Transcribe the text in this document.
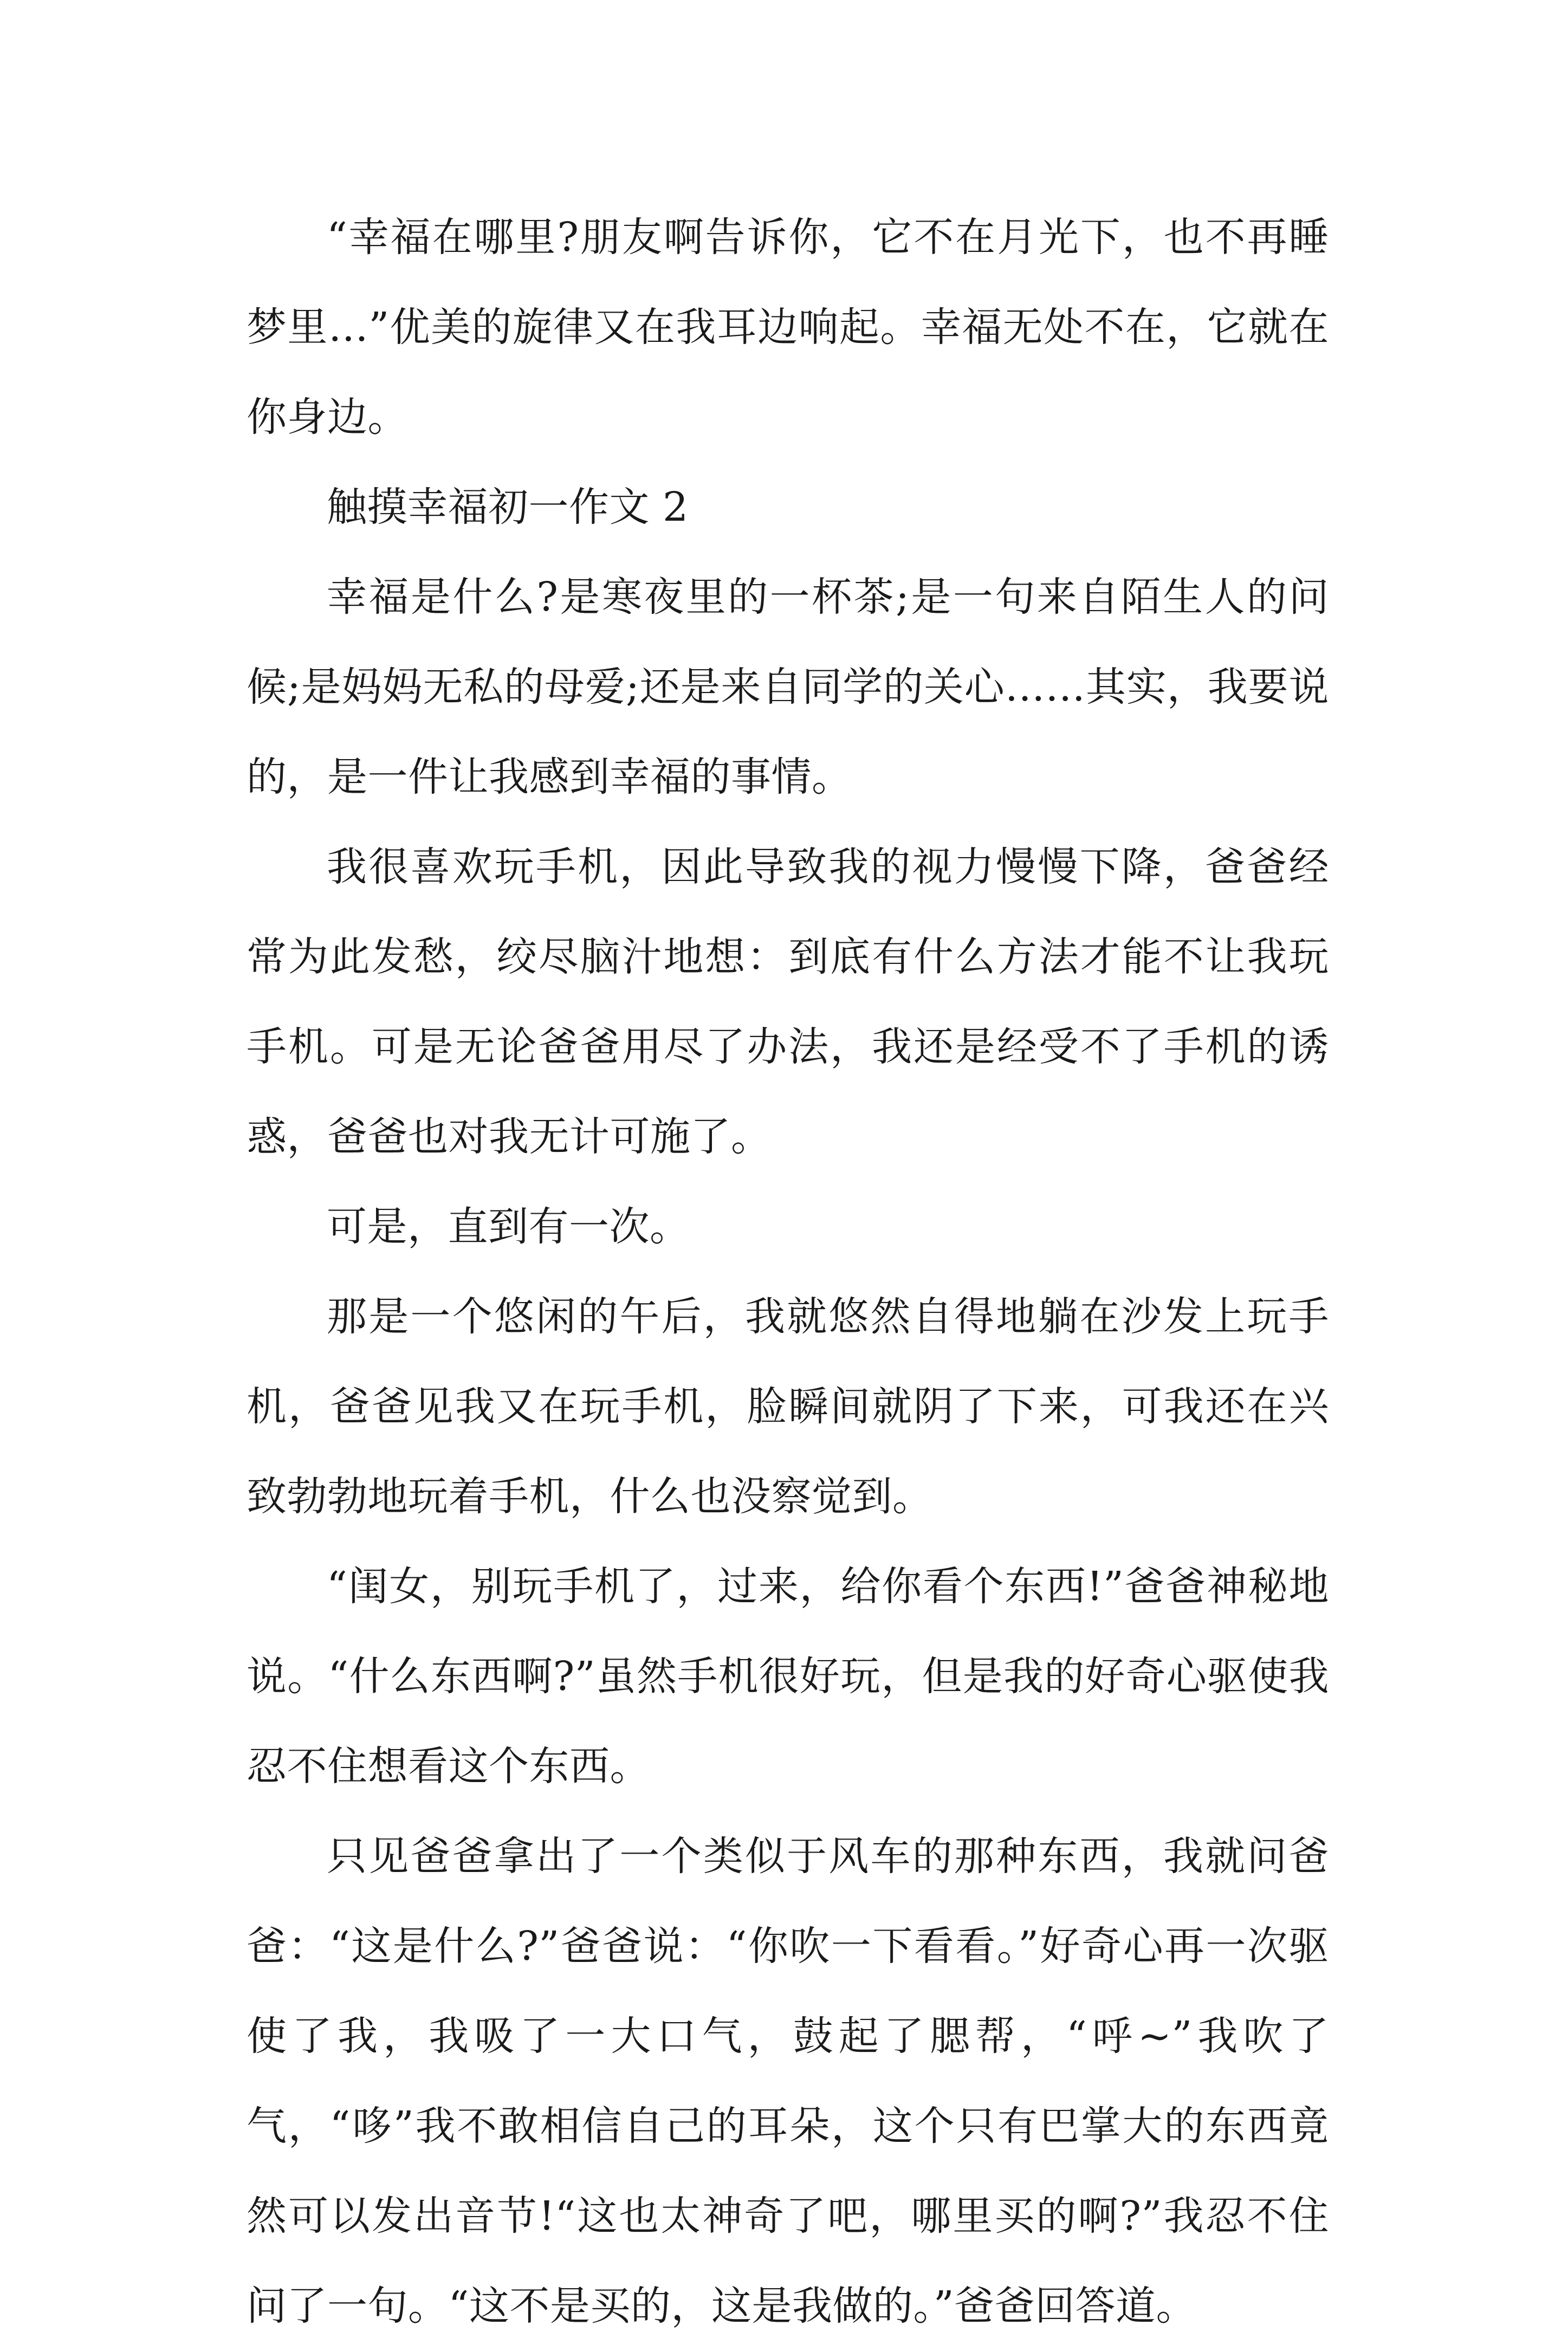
“幸福在哪里?朋友啊告诉你，它不在月光下，也不再睡梦里…”优美的旋律又在我耳边响起。幸福无处不在，它就在你身边。

触摸幸福初一作文 2

幸福是什么?是寒夜里的一杯茶;是一句来自陌生人的问候;是妈妈无私的母爱;还是来自同学的关心……其实，我要说的，是一件让我感到幸福的事情。

我很喜欢玩手机，因此导致我的视力慢慢下降，爸爸经常为此发愁，绞尽脑汁地想：到底有什么方法才能不让我玩手机。可是无论爸爸用尽了办法，我还是经受不了手机的诱惑，爸爸也对我无计可施了。

可是，直到有一次。

那是一个悠闲的午后，我就悠然自得地躺在沙发上玩手机，爸爸见我又在玩手机，脸瞬间就阴了下来，可我还在兴致勃勃地玩着手机，什么也没察觉到。

“闺女，别玩手机了，过来，给你看个东西!”爸爸神秘地说。“什么东西啊?”虽然手机很好玩，但是我的好奇心驱使我忍不住想看这个东西。

只见爸爸拿出了一个类似于风车的那种东西，我就问爸爸：“这是什么?”爸爸说：“你吹一下看看。”好奇心再一次驱使了我，我吸了一大口气，鼓起了腮帮，“呼~”我吹了气，“哆”我不敢相信自己的耳朵，这个只有巴掌大的东西竟然可以发出音节!“这也太神奇了吧，哪里买的啊?”我忍不住问了一句。“这不是买的，这是我做的。”爸爸回答道。
